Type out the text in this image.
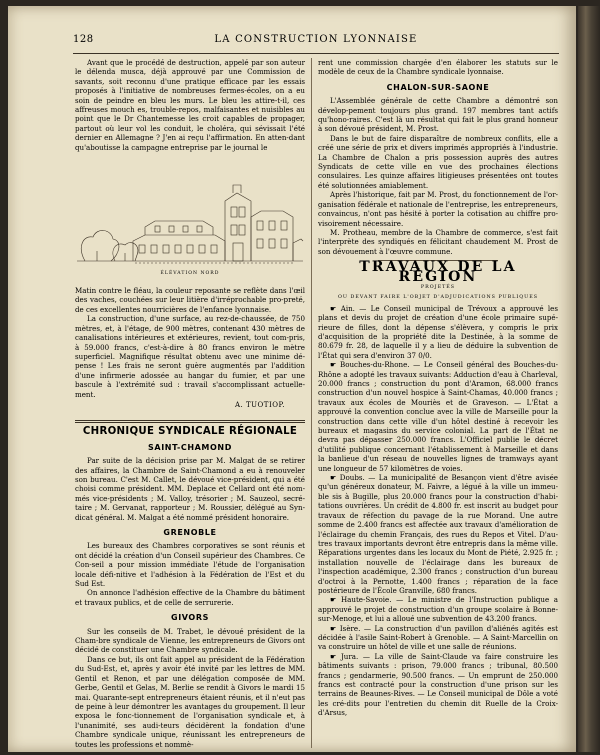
128	LA CONSTRUCTION LYONNAISE

Avant que le procédé de destruction, appelé par son auteur le délenda musca, déjà approuvé par une Commission de savants, soit reconnu d'une pratique efficace par les essais proposés à l'initiative de nombreuses fermes-écoles, on a eu soin de peindre en bleu les murs. Le bleu les attire-t-il, ces affreuses mouch es, trouble-repos, malfaisantes et nuisibles au point que le Dr Chantemesse les croit capables de propager, partout où leur vol les conduit, le choléra, qui sévissait l'été dernier en Allemagne ? J'en ai reçu l'affirmation. En atten-dant qu'aboutisse la campagne entreprise par le journal le

ÉLÉVATION NORD

Matin contre le fléau, la couleur reposante se reflète dans l'œil des vaches, couchées sur leur litière d'irréprochable pro-preté, de ces excellentes nourricières de l'enfance lyonnaise.

La construction, d'une surface, au rez-de-chaussée, de 750 mètres, et, à l'étage, de 900 mètres, contenant 430 mètres de canalisations intérieures et extérieures, revient, tout com-pris, à 59.000 francs, c'est-à-dire à 80 francs environ le mètre superficiel. Magnifique résultat obtenu avec une minime dé-pense ! Les frais ne seront guère augmentés par l'addition d'une infirmerie adossée au hangar du fumier, et par une bascule à l'extrémité sud : travail s'accomplissant actuelle-ment.

A. TUOTIOP.
CHRONIQUE SYNDICALE RÉGIONALE
SAINT-CHAMOND

Par suite de la décision prise par M. Malgat de se retirer des affaires, la Chambre de Saint-Chamond a eu à renouveler son bureau. C'est M. Callet, le dévoué vice-président, qui a été choisi comme président. MM. Deplace et Cellard ont été nom-més vice-présidents ; M. Valloy, trésorier ; M. Sauzeol, secré-taire ; M. Gervanat, rapporteur ; M. Roussier, délégué au Syn-dicat général. M. Malgat a été nommé président honoraire.

GRENOBLE

Les bureaux des Chambres corporatives se sont réunis et ont décidé la création d'un Conseil supérieur des Chambres. Ce Con-seil a pour mission immédiate l'étude de l'organisation locale défi-nitive et l'adhésion à la Fédération de l'Est et du Sud Est.

On annonce l'adhésion effective de la Chambre du bâtiment et travaux publics, et de celle de serrurerie.

GIVORS

Sur les conseils de M. Trabet, le dévoué président de la Cham-bre syndicale de Vienne, les entrepreneurs de Givors ont décidé de constituer une Chambre syndicale.

Dans ce but, ils ont fait appel au président de la Fédération du Sud-Est, et, après y avoir été invité par les lettres de MM. Gentil et Renon, et par une délégation composée de MM. Gerbe, Gentil et Gelas, M. Berlie se rendit à Givors le mardi 15 mai. Quarante-sept entrepreneurs étaient réunis, et il n'eut pas de peine à leur démontrer les avantages du groupement. Il leur exposa le fonc-tionnement de l'organisation syndicale et, à l'unanimité, ses audi-teurs décidèrent la fondation d'une Chambre syndicale unique, réunissant les entrepreneurs de toutes les professions et nommè-

rent une commission chargée d'en élaborer les statuts sur le modèle de ceux de la Chambre syndicale lyonnaise.

CHALON-SUR-SAONE

L'Assemblée générale de cette Chambre a démontré son dévelop-pement toujours plus grand. 197 membres tant actifs qu'hono-raires. C'est là un résultat qui fait le plus grand honneur à son dévoué président, M. Prost.

Dans le but de faire disparaître de nombreux conflits, elle a créé une série de prix et divers imprimés appropriés à l'industrie. La Chambre de Chalon a pris possession auprès des autres Syndicats de cette ville en vue des prochaines élections consulaires. Les quinze affaires litigieuses présentées ont toutes été solutionnées amiablement.

Après l'historique, fait par M. Prost, du fonctionnement de l'or-ganisation fédérale et nationale de l'entreprise, les entrepreneurs, convaincus, n'ont pas hésité à porter la cotisation au chiffre pro-visoirement nécessaire.

M. Protheau, membre de la Chambre de commerce, s'est fait l'interprète des syndiqués en félicitant chaudement M. Prost de son dévouement à l'œuvre commune.

TRAVAUX DE LA RÉGION
PROJETÉS
OU DEVANT FAIRE L'OBJET D'ADJUDICATIONS PUBLIQUES

☛ Ain. — Le Conseil municipal de Trévoux a approuvé les plans et devis du projet de création d'une école primaire supé-rieure de filles, dont la dépense s'élèvera, y compris le prix d'acquisition de la propriété dite la Destinée, à la somme de 80.679 fr. 28, de laquelle il y a lieu de déduire la subvention de l'État qui sera d'environ 37 0/0.

☛ Bouches-du-Rhone. — Le Conseil général des Bouches-du-Rhône a adopté les travaux suivants: Adduction d'eau à Charleval, 20.000 francs ; construction du pont d'Aramon, 68.000 francs construction d'un nouvel hospice à Saint-Chamas, 40.000 francs ; travaux aux écoles de Mouriès et de Graveson. — L'État a approuvé la convention conclue avec la ville de Marseille pour la construction dans cette ville d'un hôtel destiné à recevoir les bureaux et magasins du service colonial. La part de l'État ne devra pas dépasser 250.000 francs. L'Officiel publie le décret d'utilité publique concernant l'établissement à Marseille et dans la banlieue d'un réseau de nouvelles lignes de tramways ayant une longueur de 57 kilomètres de voies.

☛ Doubs. — La municipalité de Besançon vient d'être avisée qu'un généreux donateur, M. Faivre, a légué à la ville un immeu-ble sis à Bugille, plus 20.000 francs pour la construction d'habi-tations ouvrières. Un crédit de 4.800 fr. est inscrit au budget pour travaux de réfection du pavage de la rue Morand. Une autre somme de 2.400 francs est affectée aux travaux d'amélioration de l'éclairage du chemin Français, des rues du Repos et Vitel. D'au-tres travaux importants devront être entrepris dans la même ville. Réparations urgentes dans les locaux du Mont de Piété, 2.925 fr. ; installation nouvelle de l'éclairage dans les bureaux de l'inspection académique, 2.300 francs ; construction d'un bureau d'octroi à la Pernotte, 1.400 francs ; réparation de la face postérieure de l'École Granville, 680 francs.

☛ Haute-Savoie. — Le ministre de l'Instruction publique a approuvé le projet de construction d'un groupe scolaire à Bonne-sur-Menoge, et lui a alloué une subvention de 43.200 francs.

☛ Isère. — La construction d'un pavillon d'aliénés agités est décidée à l'asile Saint-Robert à Grenoble. — A Saint-Marcellin on va construire un hôtel de ville et une salle de réunions.

☛ Jura. — La ville de Saint-Claude va faire construire les bâtiments suivants : prison, 79.000 francs ; tribunal, 80.500 francs ; gendarmerie, 90.500 francs. — Un emprunt de 250.000 francs est contracté pour la construction d'une prison sur les terrains de Beaunes-Rives. — Le Conseil municipal de Dôle a voté les cré-dits pour l'entretien du chemin dit Ruelle de la Croix-d'Arsus,
